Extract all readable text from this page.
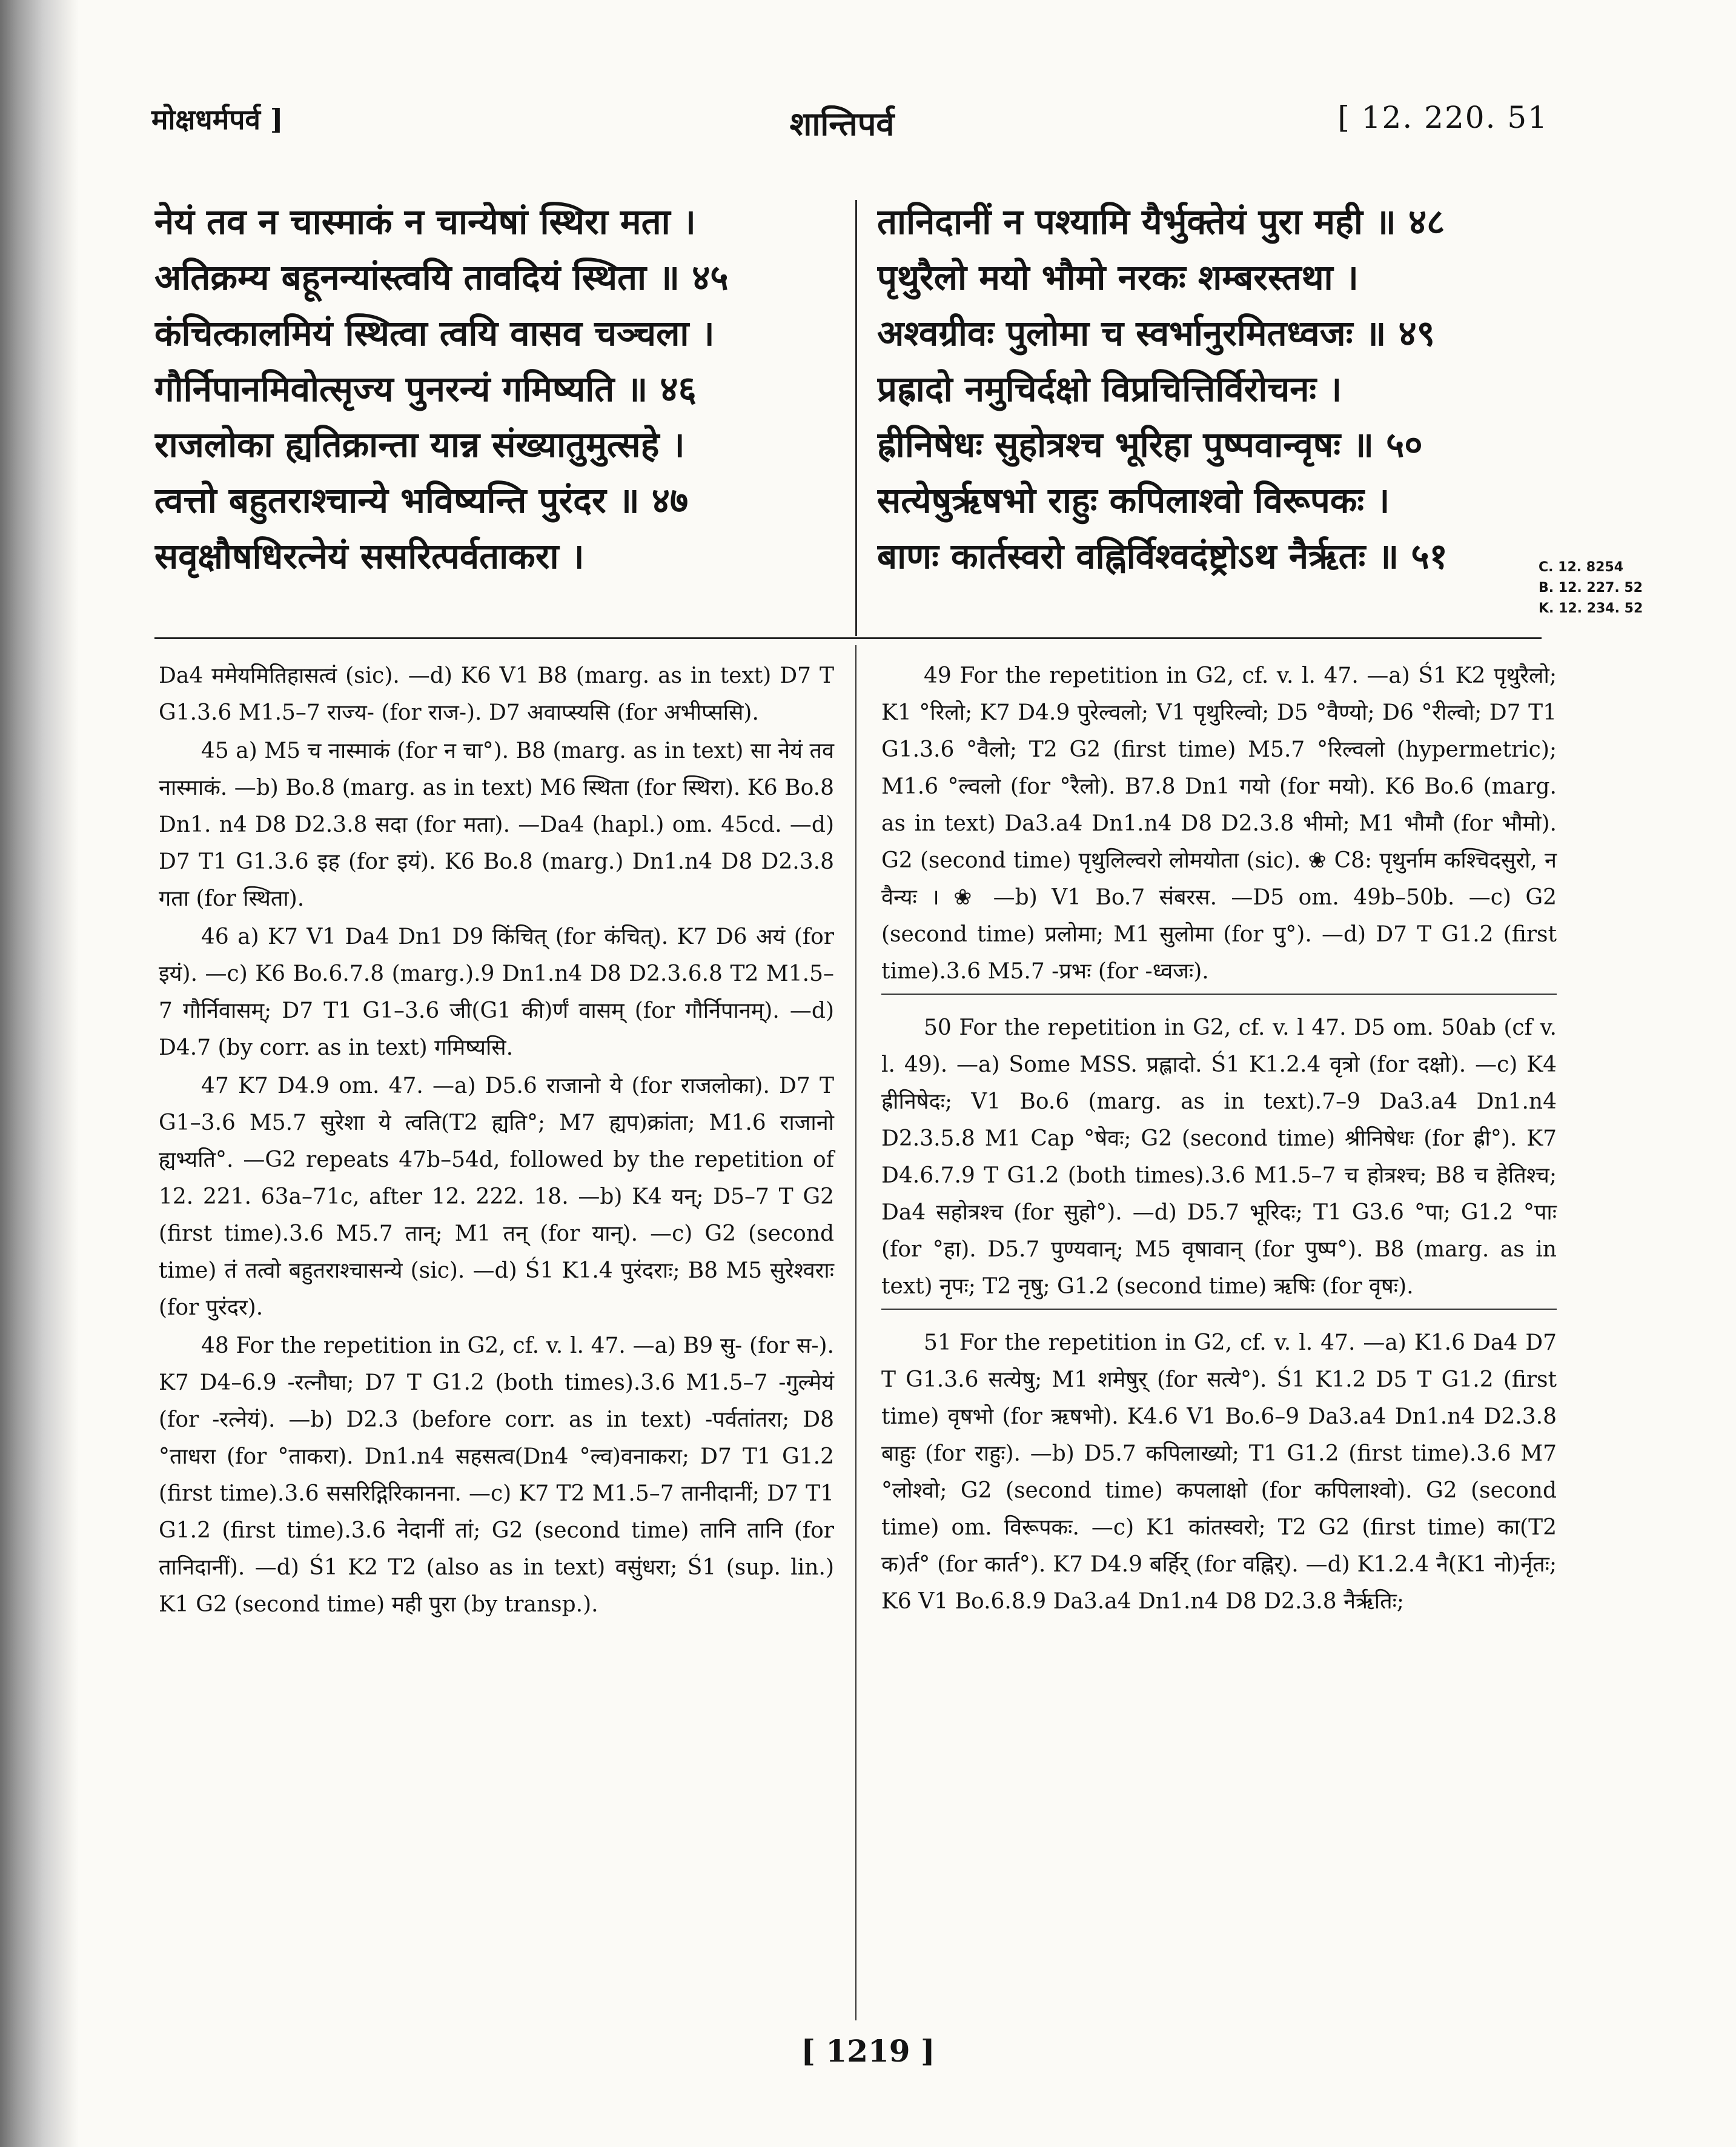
मोक्षधर्मपर्व ]	शान्तिपर्व	[ 12. 220. 51
नेयं तव न चास्माकं न चान्येषां स्थिरा मता ।
अतिक्रम्य बहूनन्यांस्त्वयि तावदियं स्थिता ॥ ४५
कंचित्कालमियं स्थित्वा त्वयि वासव चञ्चला ।
गौर्निपानमिवोत्सृज्य पुनरन्यं गमिष्यति ॥ ४६
राजलोका ह्यतिक्रान्ता यान्न संख्यातुमुत्सहे ।
त्वत्तो बहुतराश्चान्ये भविष्यन्ति पुरंदर ॥ ४७
सवृक्षौषधिरत्नेयं ससरित्पर्वताकरा ।
तानिदानीं न पश्यामि यैर्भुक्तेयं पुरा मही ॥ ४८
पृथुरैलो मयो भौमो नरकः शम्बरस्तथा ।
अश्वग्रीवः पुलोमा च स्वर्भानुरमितध्वजः ॥ ४९
प्रह्रादो नमुचिर्दक्षो विप्रचित्तिर्विरोचनः ।
ह्रीनिषेधः सुहोत्रश्च भूरिहा पुष्पवान्वृषः ॥ ५०
सत्येषुर्ऋषभो राहुः कपिलाश्वो विरूपकः ।
बाणः कार्तस्वरो वह्निर्विश्वदंष्ट्रोऽथ नैर्ऋतः ॥ ५१	C. 12. 8254
B. 12. 227. 52
K. 12. 234. 52

Da4 ममेयमितिहासत्वं (sic). —d) K6 V1 B8 (marg. as in text) D7 T G1.3.6 M1.5–7 राज्य- (for राज-). D7 अवाप्स्यसि (for अभीप्ससि).

45 a) M5 च नास्माकं (for न चा°). B8 (marg. as in text) सा नेयं तव नास्माकं. —b) Bo.8 (marg. as in text) M6 स्थिता (for स्थिरा). K6 Bo.8 Dn1. n4 D8 D2.3.8 सदा (for मता). —Da4 (hapl.) om. 45cd. —d) D7 T1 G1.3.6 इह (for इयं). K6 Bo.8 (marg.) Dn1.n4 D8 D2.3.8 गता (for स्थिता).

46 a) K7 V1 Da4 Dn1 D9 किंचित् (for कंचित्). K7 D6 अयं (for इयं). —c) K6 Bo.6.7.8 (marg.).9 Dn1.n4 D8 D2.3.6.8 T2 M1.5–7 गौर्निवासम्; D7 T1 G1–3.6 जी(G1 की)र्णं वासम् (for गौर्निपानम्). —d) D4.7 (by corr. as in text) गमिष्यसि.

47 K7 D4.9 om. 47. —a) D5.6 राजानो ये (for राजलोका). D7 T G1–3.6 M5.7 सुरेशा ये त्वति(T2 ह्यति°; M7 ह्यप)क्रांता; M1.6 राजानो ह्यभ्यति°. —G2 repeats 47b–54d, followed by the repetition of 12. 221. 63a–71c, after 12. 222. 18. —b) K4 यन्; D5–7 T G2 (first time).3.6 M5.7 तान्; M1 तन् (for यान्). —c) G2 (second time) तं तत्वो बहुतराश्चासन्ये (sic). —d) Ś1 K1.4 पुरंदराः; B8 M5 सुरेश्वराः (for पुरंदर).

48 For the repetition in G2, cf. v. l. 47. —a) B9 सु- (for स-). K7 D4–6.9 -रत्नौघा; D7 T G1.2 (both times).3.6 M1.5–7 -गुल्मेयं (for -रत्नेयं). —b) D2.3 (before corr. as in text) -पर्वतांतरा; D8 °ताधरा (for °ताकरा). Dn1.n4 सहसत्व(Dn4 °ल्व)वनाकरा; D7 T1 G1.2 (first time).3.6 ससरिद्गिरिकानना. —c) K7 T2 M1.5–7 तानीदानीं; D7 T1 G1.2 (first time).3.6 नेदानीं तां; G2 (second time) तानि तानि (for तानिदानीं). —d) Ś1 K2 T2 (also as in text) वसुंधरा; Ś1 (sup. lin.) K1 G2 (second time) मही पुरा (by transp.).

49 For the repetition in G2, cf. v. l. 47. —a) Ś1 K2 पृथुरैलो; K1 °रिलो; K7 D4.9 पुरेल्वलो; V1 पृथुरिल्वो; D5 °वैण्यो; D6 °रील्वो; D7 T1 G1.3.6 °वैलो; T2 G2 (first time) M5.7 °रिल्वलो (hypermetric); M1.6 °ल्वलो (for °रैलो). B7.8 Dn1 गयो (for मयो). K6 Bo.6 (marg. as in text) Da3.a4 Dn1.n4 D8 D2.3.8 भीमो; M1 भौमौ (for भौमो). G2 (second time) पृथुलिल्वरो लोमयोता (sic). ❀ C8: पृथुर्नाम कश्चिदसुरो, न वैन्यः । ❀ —b) V1 Bo.7 संबरस. —D5 om. 49b–50b. —c) G2 (second time) प्रलोमा; M1 सुलोमा (for पु°). —d) D7 T G1.2 (first time).3.6 M5.7 -प्रभः (for -ध्वजः).

50 For the repetition in G2, cf. v. l 47. D5 om. 50ab (cf v. l. 49). —a) Some MSS. प्रह्लादो. Ś1 K1.2.4 वृत्रो (for दक्षो). —c) K4 ह्रीनिषेदः; V1 Bo.6 (marg. as in text).7–9 Da3.a4 Dn1.n4 D2.3.5.8 M1 Cap °षेवः; G2 (second time) श्रीनिषेधः (for ह्री°). K7 D4.6.7.9 T G1.2 (both times).3.6 M1.5–7 च होत्रश्च; B8 च हेतिश्च; Da4 सहोत्रश्च (for सुहो°). —d) D5.7 भूरिदः; T1 G3.6 °पा; G1.2 °पाः (for °हा). D5.7 पुण्यवान्; M5 वृषावान् (for पुष्प°). B8 (marg. as in text) नृपः; T2 नृषु; G1.2 (second time) ऋषिः (for वृषः).

51 For the repetition in G2, cf. v. l. 47. —a) K1.6 Da4 D7 T G1.3.6 सत्येषु; M1 शमेषुर् (for सत्ये°). Ś1 K1.2 D5 T G1.2 (first time) वृषभो (for ऋषभो). K4.6 V1 Bo.6–9 Da3.a4 Dn1.n4 D2.3.8 बाहुः (for राहुः). —b) D5.7 कपिलाख्यो; T1 G1.2 (first time).3.6 M7 °लोश्वो; G2 (second time) कपलाक्षो (for कपिलाश्वो). G2 (second time) om. विरूपकः. —c) K1 कांतस्वरो; T2 G2 (first time) का(T2 क)र्त° (for कार्त°). K7 D4.9 बर्हिर् (for वह्निर्). —d) K1.2.4 नै(K1 नो)र्नृतः; K6 V1 Bo.6.8.9 Da3.a4 Dn1.n4 D8 D2.3.8 नैर्ऋतिः;

[ 1219 ]
